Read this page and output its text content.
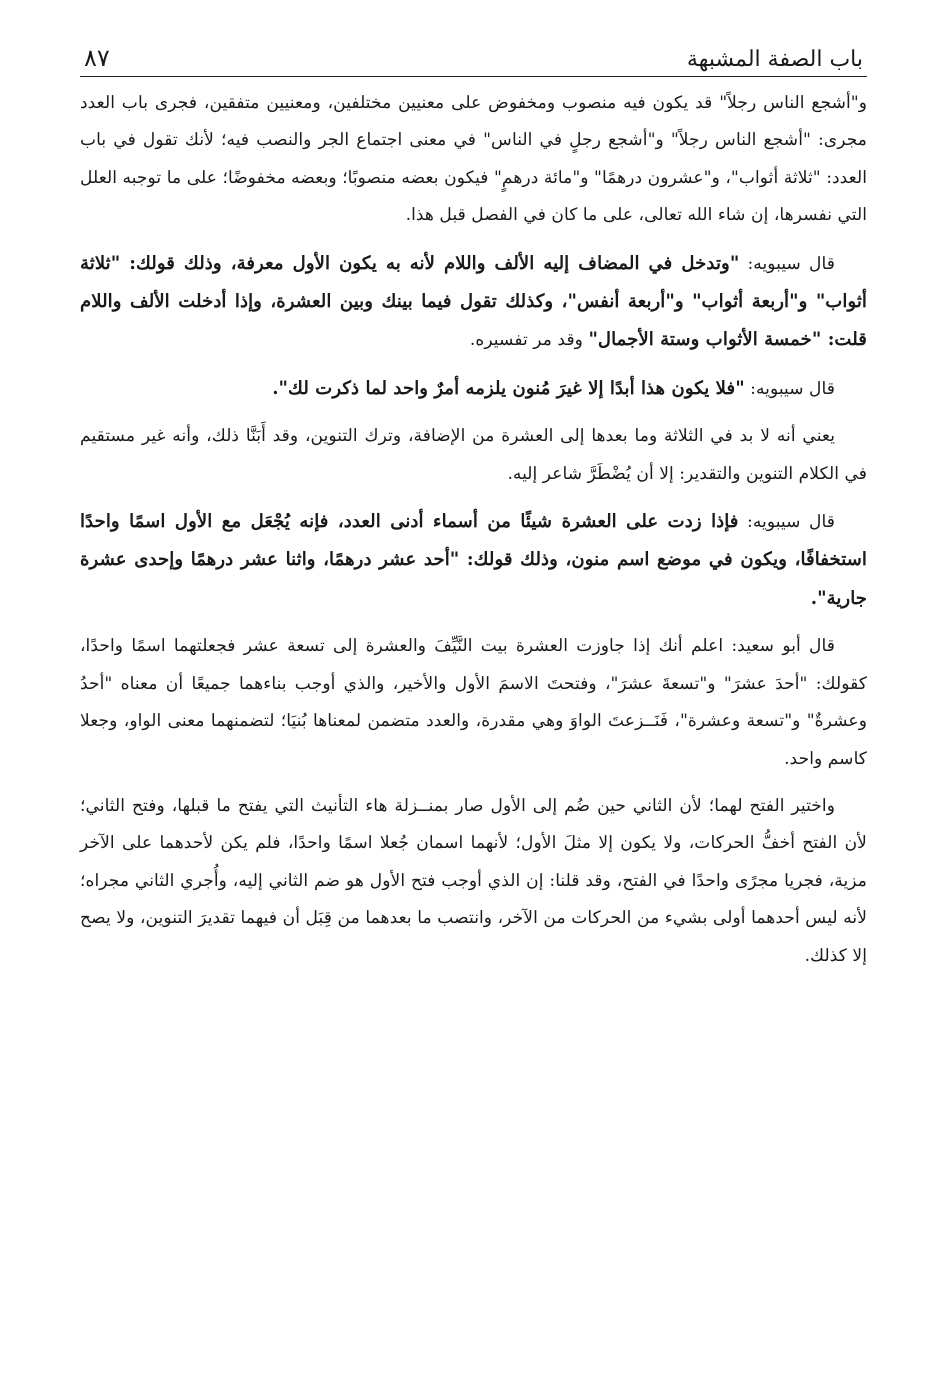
باب الصفة المشبهة
٨٧

و"أشجع الناس رجلاً" قد يكون فيه منصوب ومخفوض على معنيين مختلفين، ومعنيين متفقين، فجرى باب العدد مجرى: "أشجع الناس رجلاً" و"أشجع رجلٍ في الناس" في معنى اجتماع الجر والنصب فيه؛ لأنك تقول في باب العدد: "ثلاثة أثواب"، و"عشرون درهمًا" و"مائة درهمٍ" فيكون بعضه منصوبًا؛ وبعضه مخفوضًا؛ على ما توجبه العلل التي نفسرها، إن شاء الله تعالى، على ما كان في الفصل قبل هذا.

قال سيبويه: "وتدخل في المضاف إليه الألف واللام لأنه به يكون الأول معرفة، وذلك قولك: "ثلاثة أثواب" و"أربعة أثواب" و"أربعة أنفس"، وكذلك تقول فيما بينك وبين العشرة، وإذا أدخلت الألف واللام قلت: "خمسة الأثواب وستة الأجمال" وقد مر تفسيره.

قال سيبويه: "فلا يكون هذا أبدًا إلا غيرَ مُنون يلزمه أمرٌ واحد لما ذكرت لك".

يعني أنه لا بد في الثلاثة وما بعدها إلى العشرة من الإضافة، وترك التنوين، وقد أَبَنَّا ذلك، وأنه غير مستقيم في الكلام التنوين والتقدير: إلا أن يُضْطَرَّ شاعر إليه.

قال سيبويه: فإذا زدت على العشرة شيئًا من أسماء أدنى العدد، فإنه يُجْعَل مع الأول اسمًا واحدًا استخفافًا، ويكون في موضع اسم منون، وذلك قولك: "أحد عشر درهمًا، واثنا عشر درهمًا وإحدى عشرة جارية".

قال أبو سعيد: اعلم أنك إذا جاوزت العشرة بيت النَّيِّفَ والعشرة إلى تسعة عشر فجعلتهما اسمًا واحدًا، كقولك: "أحدَ عشرَ" و"تسعةَ عشرَ"، وفتحتَ الاسمَ الأول والأخير، والذي أوجب بناءهما جميعًا أن معناه "أحدُ وعشرةٌ" و"تسعة وعشرة"، فَنَــزعتَ الواوَ وهي مقدرة، والعدد متضمن لمعناها بُنيَا؛ لتضمنهما معنى الواو، وجعلا كاسم واحد.

واختير الفتح لهما؛ لأن الثاني حين ضُم إلى الأول صار بمنــزلة هاء التأنيث التي يفتح ما قبلها، وفتح الثاني؛ لأن الفتح أخفُّ الحركات، ولا يكون إلا مثلَ الأول؛ لأنهما اسمان جُعلا اسمًا واحدًا، فلم يكن لأحدهما على الآخر مزية، فجريا مجرًى واحدًا في الفتح، وقد قلنا: إن الذي أوجب فتح الأول هو ضم الثاني إليه، وأُجري الثاني مجراه؛ لأنه ليس أحدهما أولى بشيء من الحركات من الآخر، وانتصب ما بعدهما من قِبَل أن فيهما تقديرَ التنوين، ولا يصح إلا كذلك.
